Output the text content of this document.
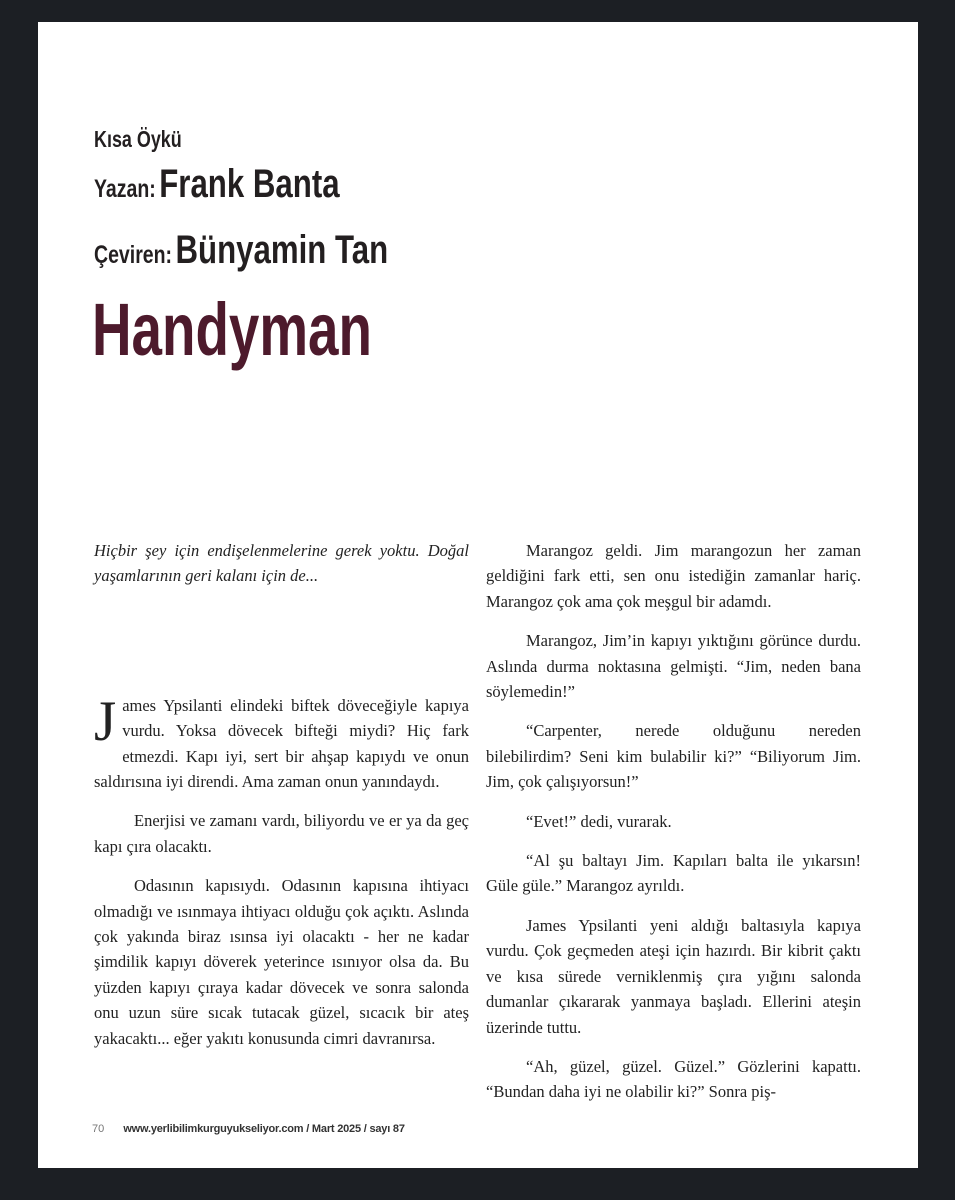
Kısa Öykü
Yazan: Frank Banta
Çeviren: Bünyamin Tan
Handyman

Hiçbir şey için endişelenmelerine gerek yoktu. Doğal yaşamlarının geri kalanı için de...

James Ypsilanti elindeki biftek döveceğiyle kapıya vurdu. Yoksa dövecek bifteği miydi? Hiç fark etmezdi. Kapı iyi, sert bir ahşap kapıydı ve onun saldırısına iyi direndi. Ama zaman onun yanındaydı.

Enerjisi ve zamanı vardı, biliyordu ve er ya da geç kapı çıra olacaktı.

Odasının kapısıydı. Odasının kapısına ihtiyacı olmadığı ve ısınmaya ihtiyacı olduğu çok açıktı. Aslında çok yakında biraz ısınsa iyi olacaktı - her ne kadar şimdilik kapıyı döverek yeterince ısınıyor olsa da. Bu yüzden kapıyı çıraya kadar dövecek ve sonra salonda onu uzun süre sıcak tutacak güzel, sıcacık bir ateş yakacaktı... eğer yakıtı konusunda cimri davranırsa.

Marangoz geldi. Jim marangozun her zaman geldiğini fark etti, sen onu istediğin zamanlar hariç. Marangoz çok ama çok meşgul bir adamdı.

Marangoz, Jim’in kapıyı yıktığını görünce durdu. Aslında durma noktasına gelmişti. “Jim, neden bana söylemedin!”

“Carpenter, nerede olduğunu nereden bilebilirdim? Seni kim bulabilir ki?” “Biliyorum Jim. Jim, çok çalışıyorsun!”

“Evet!” dedi, vurarak.

“Al şu baltayı Jim. Kapıları balta ile yıkarsın! Güle güle.” Marangoz ayrıldı.

James Ypsilanti yeni aldığı baltasıyla kapıya vurdu. Çok geçmeden ateşi için hazırdı. Bir kibrit çaktı ve kısa sürede verniklenmiş çıra yığını salonda dumanlar çıkararak yanmaya başladı. Ellerini ateşin üzerinde tuttu.

“Ah, güzel, güzel. Güzel.” Gözlerini kapattı. “Bundan daha iyi ne olabilir ki?” Sonra piş-

70 www.yerlibilimkurguyukseliyor.com / Mart 2025 / sayı 87
